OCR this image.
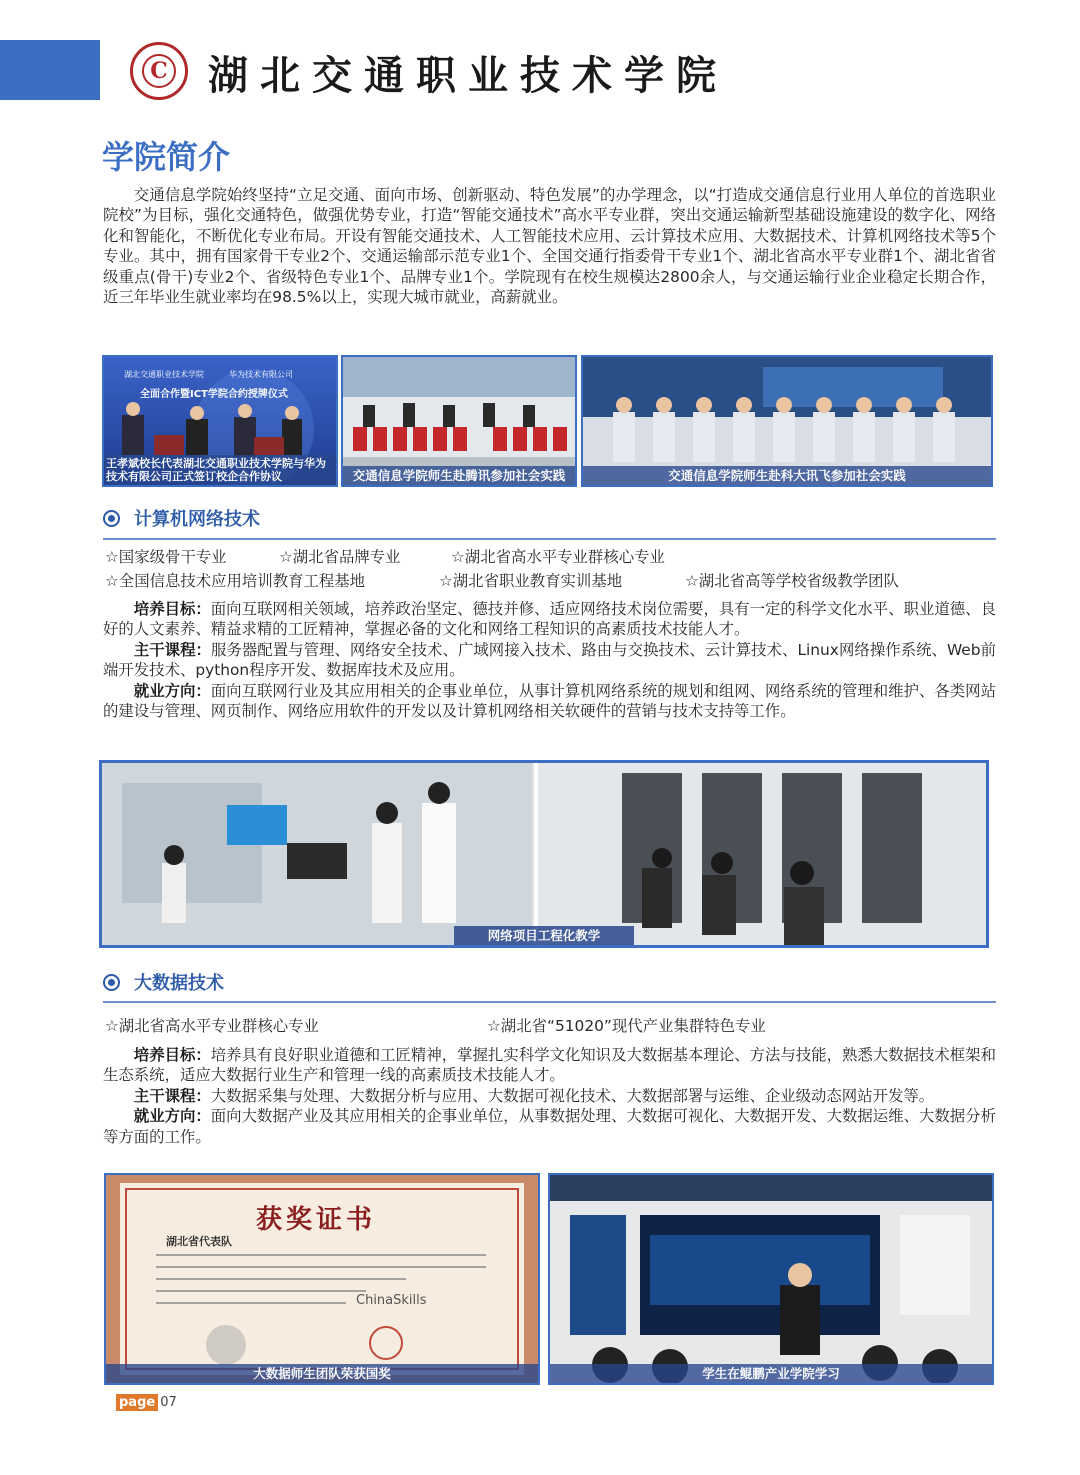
C	湖北交通职业技术学院
学院简介
交通信息学院始终坚持“立足交通、面向市场、创新驱动、特色发展”的办学理念，以“打造成交通信息行业用人单位的首选职业院校”为目标，强化交通特色，做强优势专业，打造“智能交通技术”高水平专业群，突出交通运输新型基础设施建设的数字化、网络化和智能化，不断优化专业布局。开设有智能交通技术、人工智能技术应用、云计算技术应用、大数据技术、计算机网络技术等5个专业。其中，拥有国家骨干专业2个、交通运输部示范专业1个、全国交通行指委骨干专业1个、湖北省高水平专业群1个、湖北省省级重点(骨干)专业2个、省级特色专业1个、品牌专业1个。学院现有在校生规模达2800余人，与交通运输行业企业稳定长期合作，近三年毕业生就业率均在98.5%以上，实现大城市就业，高薪就业。
湖北交通职业技术学院	华为技术有限公司
全面合作暨ICT学院合约授牌仪式
王孝斌校长代表湖北交通职业技术学院与华为技术有限公司正式签订校企合作协议	交通信息学院师生赴腾讯参加社会实践	交通信息学院师生赴科大讯飞参加社会实践
计算机网络技术
☆国家级骨干专业	☆湖北省品牌专业	☆湖北省高水平专业群核心专业
☆全国信息技术应用培训教育工程基地	☆湖北省职业教育实训基地	☆湖北省高等学校省级教学团队
培养目标：面向互联网相关领域，培养政治坚定、德技并修、适应网络技术岗位需要，具有一定的科学文化水平、职业道德、良好的人文素养、精益求精的工匠精神，掌握必备的文化和网络工程知识的高素质技术技能人才。
主干课程：服务器配置与管理、网络安全技术、广域网接入技术、路由与交换技术、云计算技术、Linux网络操作系统、Web前端开发技术、python程序开发、数据库技术及应用。
就业方向：面向互联网行业及其应用相关的企事业单位，从事计算机网络系统的规划和组网、网络系统的管理和维护、各类网站的建设与管理、网页制作、网络应用软件的开发以及计算机网络相关软硬件的营销与技术支持等工作。
网络项目工程化教学
大数据技术
☆湖北省高水平专业群核心专业	☆湖北省“51020”现代产业集群特色专业
培养目标：培养具有良好职业道德和工匠精神，掌握扎实科学文化知识及大数据基本理论、方法与技能，熟悉大数据技术框架和生态系统，适应大数据行业生产和管理一线的高素质技术技能人才。
主干课程：大数据采集与处理、大数据分析与应用、大数据可视化技术、大数据部署与运维、企业级动态网站开发等。
就业方向：面向大数据产业及其应用相关的企事业单位，从事数据处理、大数据可视化、大数据开发、大数据运维、大数据分析等方面的工作。
获奖证书
湖北省代表队
ChinaSkills
大数据师生团队荣获国奖	学生在鲲鹏产业学院学习
page 07
